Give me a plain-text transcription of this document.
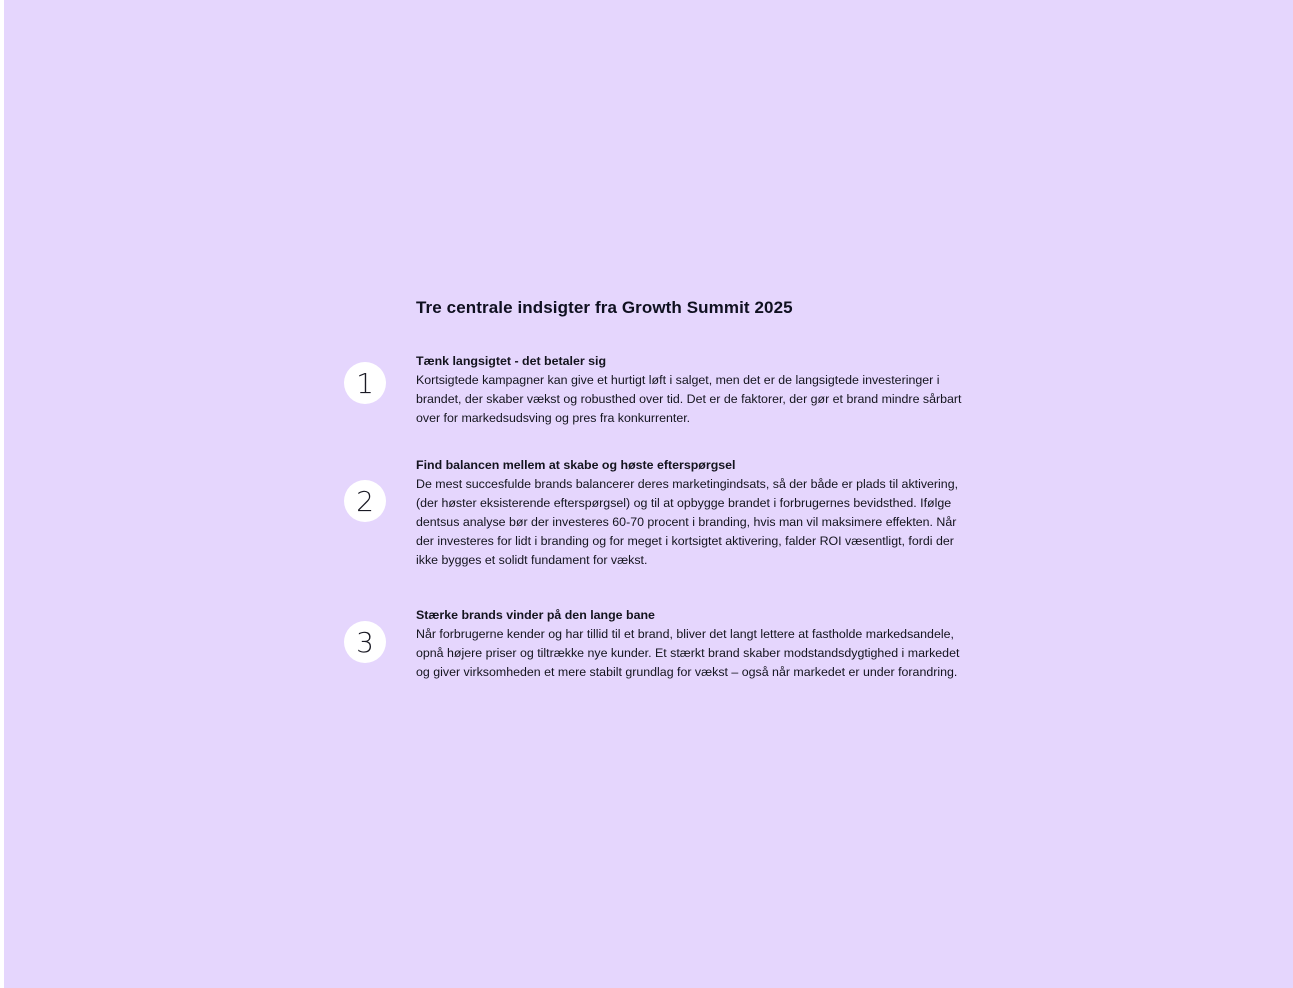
Tre centrale indsigter fra Growth Summit 2025
1
Tænk langsigtet - det betaler sig
Kortsigtede kampagner kan give et hurtigt løft i salget, men det er de langsigtede investeringer i brandet, der skaber vækst og robusthed over tid. Det er de faktorer, der gør et brand mindre sårbart over for markedsudsving og pres fra konkurrenter.
2
Find balancen mellem at skabe og høste efterspørgsel
De mest succesfulde brands balancerer deres marketingindsats, så der både er plads til aktivering, (der høster eksisterende efterspørgsel) og til at opbygge brandet i forbrugernes bevidsthed. Ifølge dentsus analyse bør der investeres 60-70 procent i branding, hvis man vil maksimere effekten. Når der investeres for lidt i branding og for meget i kortsigtet aktivering, falder ROI væsentligt, fordi der ikke bygges et solidt fundament for vækst.
3
Stærke brands vinder på den lange bane
Når forbrugerne kender og har tillid til et brand, bliver det langt lettere at fastholde markedsandele, opnå højere priser og tiltrække nye kunder. Et stærkt brand skaber modstandsdygtighed i markedet og giver virksomheden et mere stabilt grundlag for vækst – også når markedet er under forandring.
